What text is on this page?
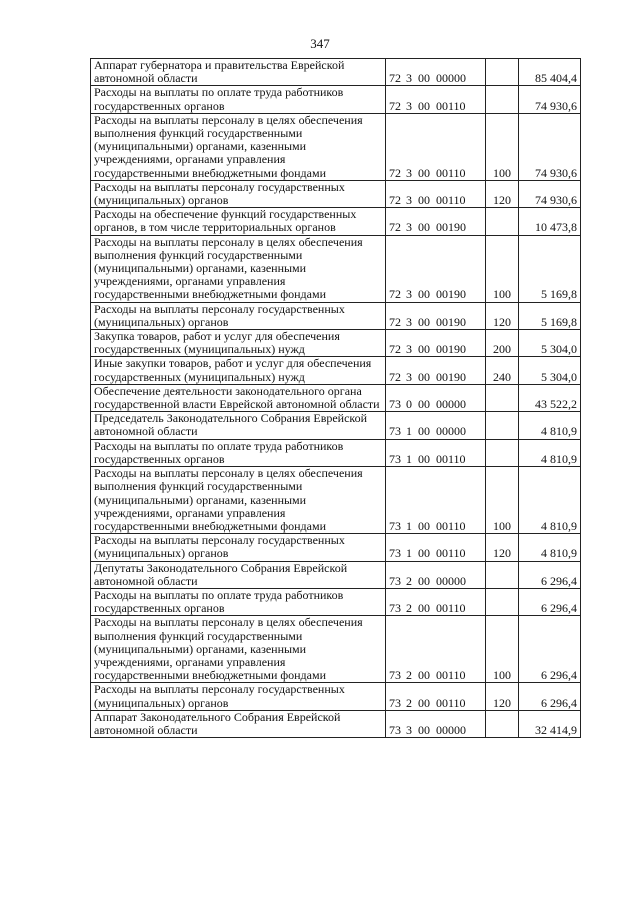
347
Аппарат губернатора и правительства Еврейской автономной области	72 3 00 00000		85 404,4
Расходы на выплаты по оплате труда работников государственных органов	72 3 00 00110		74 930,6
Расходы на выплаты персоналу в целях обеспечения выполнения функций государственными (муниципальными) органами, казенными учреждениями, органами управления государственными внебюджетными фондами	72 3 00 00110	100	74 930,6
Расходы на выплаты персоналу государственных (муниципальных) органов	72 3 00 00110	120	74 930,6
Расходы на обеспечение функций государственных органов, в том числе территориальных органов	72 3 00 00190		10 473,8
Расходы на выплаты персоналу в целях обеспечения выполнения функций государственными (муниципальными) органами, казенными учреждениями, органами управления государственными внебюджетными фондами	72 3 00 00190	100	5 169,8
Расходы на выплаты персоналу государственных (муниципальных) органов	72 3 00 00190	120	5 169,8
Закупка товаров, работ и услуг для обеспечения государственных (муниципальных) нужд	72 3 00 00190	200	5 304,0
Иные закупки товаров, работ и услуг для обеспечения государственных (муниципальных) нужд	72 3 00 00190	240	5 304,0
Обеспечение деятельности законодательного органа государственной власти Еврейской автономной области	73 0 00 00000		43 522,2
Председатель Законодательного Собрания Еврейской автономной области	73 1 00 00000		4 810,9
Расходы на выплаты по оплате труда работников государственных органов	73 1 00 00110		4 810,9
Расходы на выплаты персоналу в целях обеспечения выполнения функций государственными (муниципальными) органами, казенными учреждениями, органами управления государственными внебюджетными фондами	73 1 00 00110	100	4 810,9
Расходы на выплаты персоналу государственных (муниципальных) органов	73 1 00 00110	120	4 810,9
Депутаты Законодательного Собрания Еврейской автономной области	73 2 00 00000		6 296,4
Расходы на выплаты по оплате труда работников государственных органов	73 2 00 00110		6 296,4
Расходы на выплаты персоналу в целях обеспечения выполнения функций государственными (муниципальными) органами, казенными учреждениями, органами управления государственными внебюджетными фондами	73 2 00 00110	100	6 296,4
Расходы на выплаты персоналу государственных (муниципальных) органов	73 2 00 00110	120	6 296,4
Аппарат Законодательного Собрания Еврейской автономной области	73 3 00 00000		32 414,9
